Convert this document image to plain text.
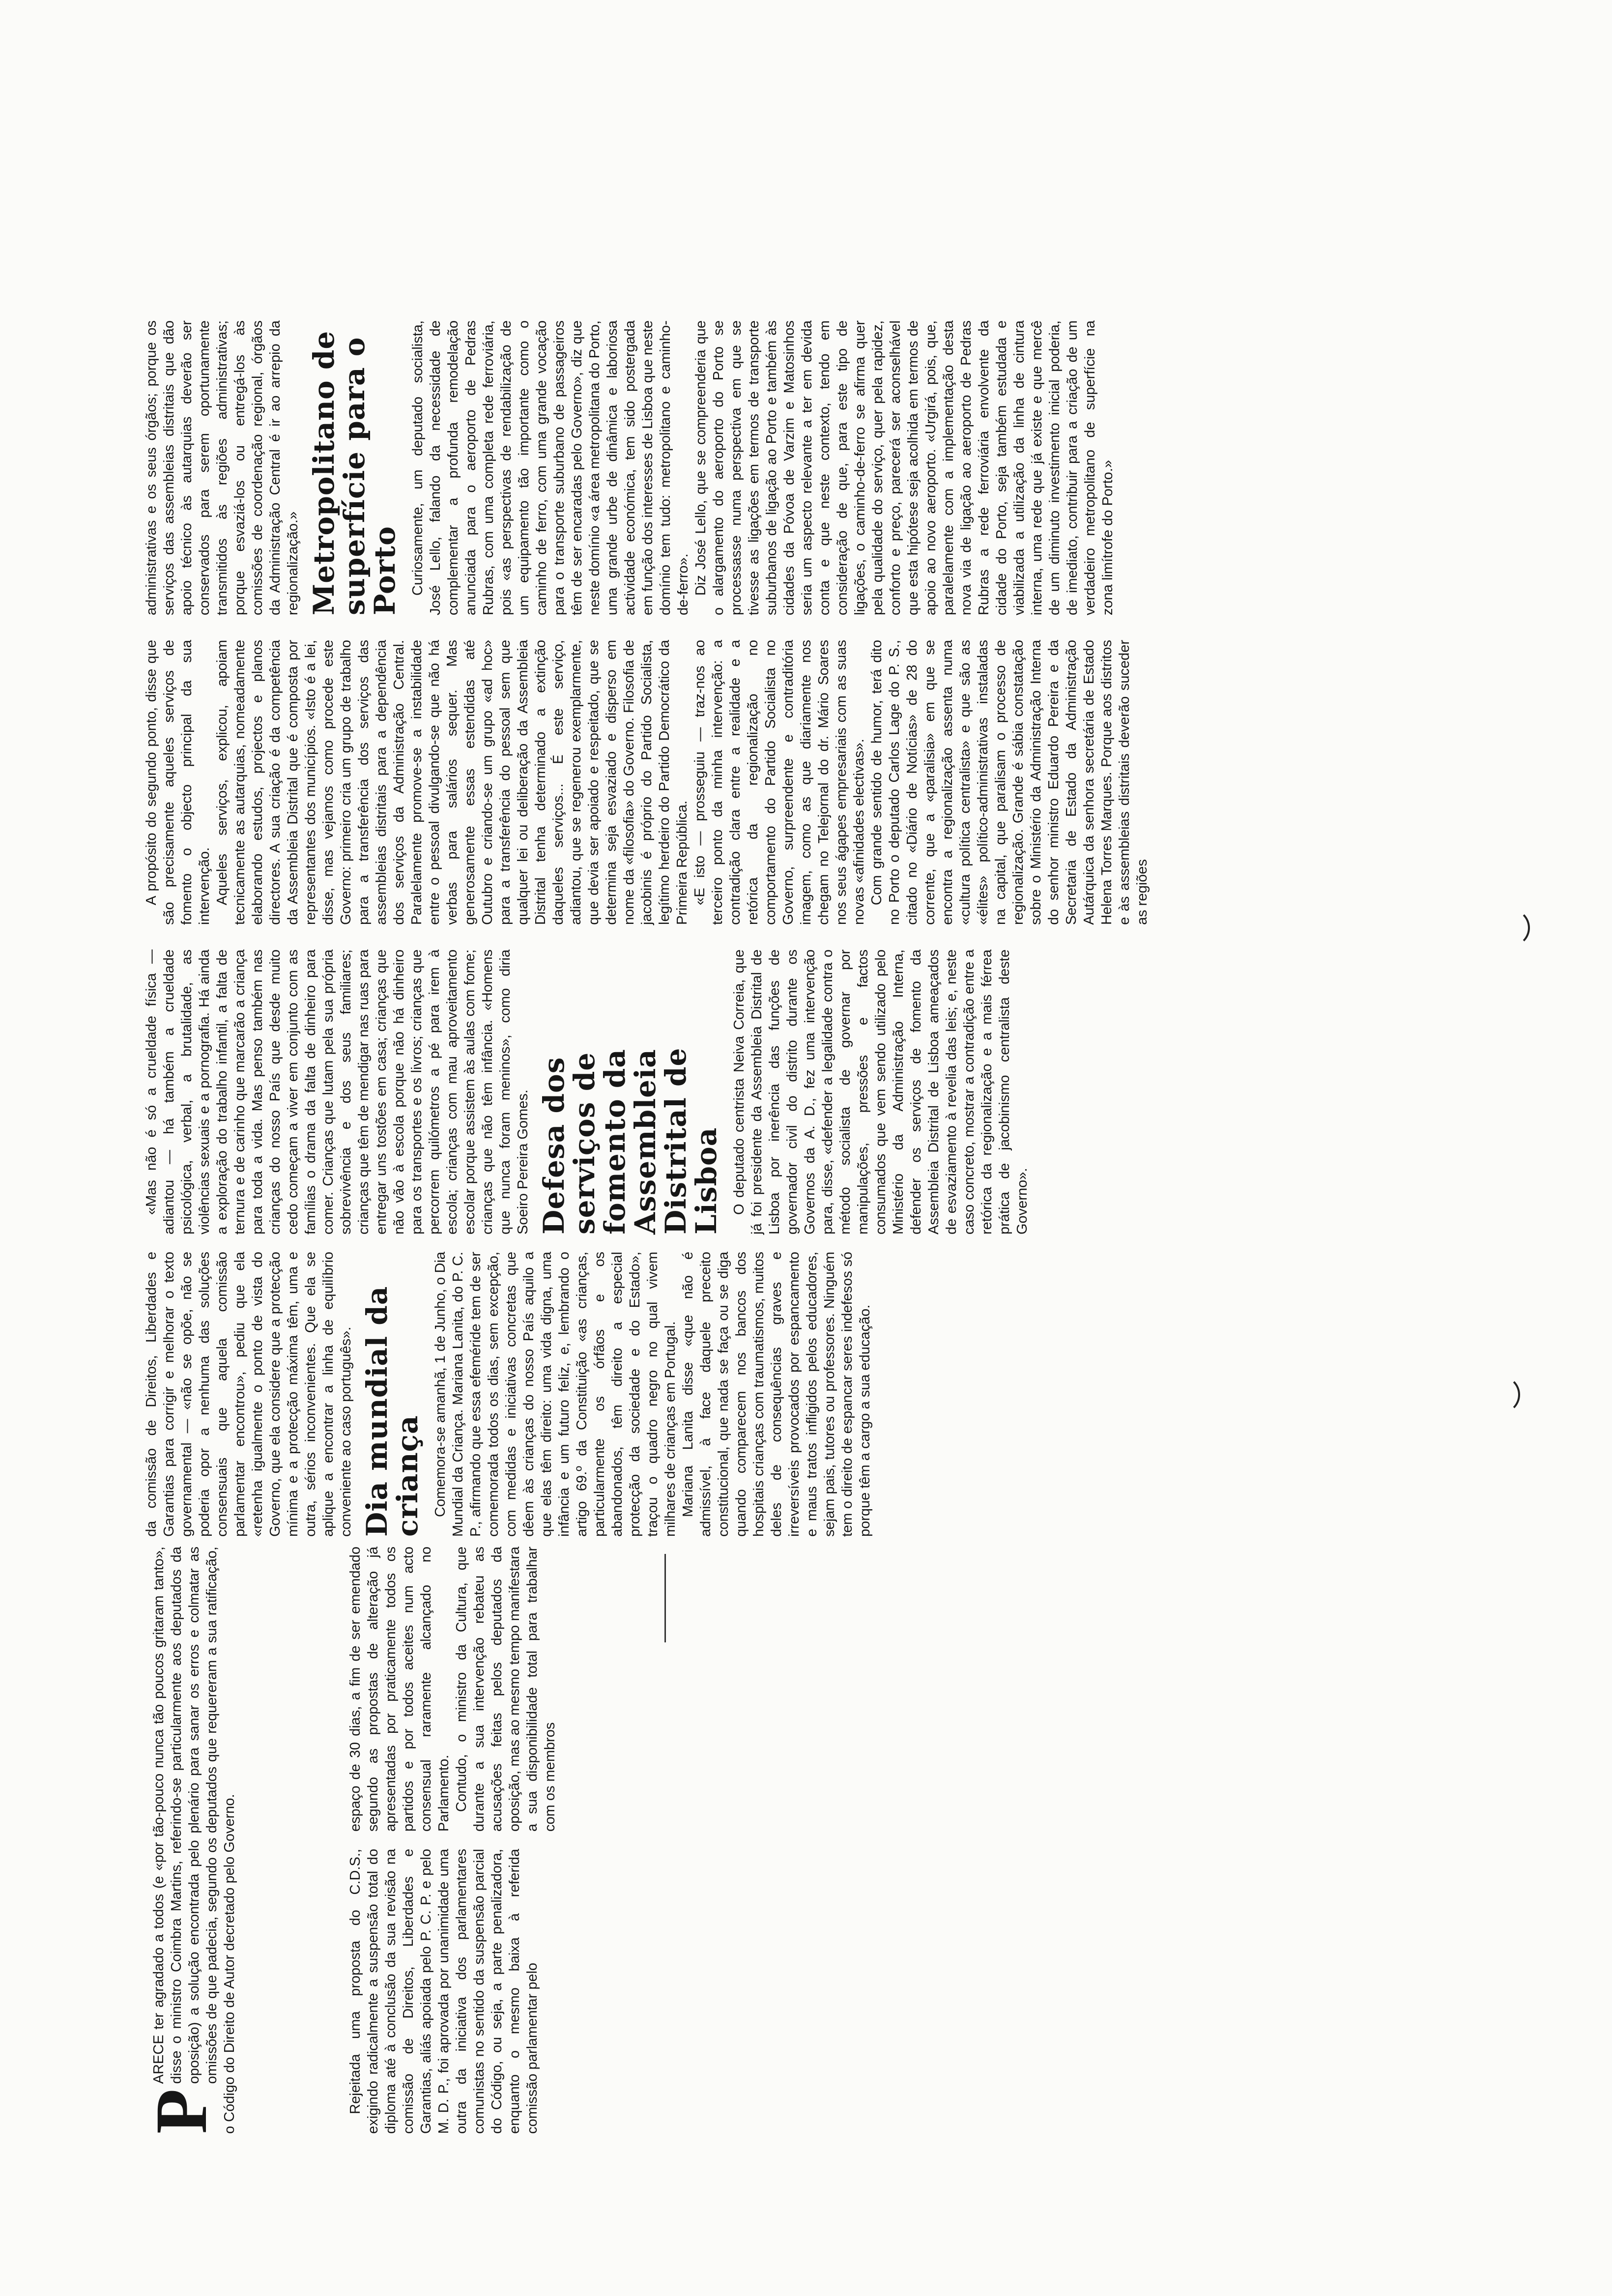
P

ARECE ter agradado a todos (e «por tão-pouco nunca tão poucos gritaram tanto», disse o ministro Coimbra Martins, referindo-se particularmente aos deputados da oposição) a solução encontrada pelo plenário para sanar os erros e colmatar as omissões de que padecia, segundo os deputados que requereram a sua ratificação, o Código do Direito de Autor decretado pelo Governo.	Rejeitada uma proposta do C.D.S., exigindo radicalmente a suspensão total do diploma até à conclusão da sua revisão na comissão de Direitos, Liberdades e Garantias, aliás apoiada pelo P. C. P. e pelo M. D. P., foi aprovada por unanimidade uma outra da iniciativa dos parlamentares comunistas no sentido da suspensão parcial do Código, ou seja, a parte penalizadora, enquanto o mesmo baixa à referida comissão parlamentar pelo

espaço de 30 dias, a fim de ser emendado segundo as propostas de alteração já apresentadas por praticamente todos os partidos e por todos aceites num acto consensual raramente alcançado no Parlamento. Contudo, o ministro da Cultura, que durante a sua intervenção rebateu as acusações feitas pelos deputados da oposição, mas ao mesmo tempo manifestara a sua disponibilidade total para trabalhar com os membros

da comissão de Direitos, Liberdades e Garantias para corrigir e melhorar o texto governamental — «não se opõe, não se poderia opor a nenhuma das soluções consensuais que aquela comissão parlamentar encontrou», pediu que ela «retenha igualmente o ponto de vista do Governo, que ela considere que a protecção mínima e a protecção máxima têm, uma e outra, sérios inconvenientes. Que ela se aplique a encontrar a linha de equilíbrio conveniente ao caso português». Dia mundial da criança Comemora-se amanhã, 1 de Junho, o Dia Mundial da Criança. Mariana Lanita, do P. C. P., afirmando que essa efeméride tem de ser comemorada todos os dias, sem excepção, com medidas e iniciativas concretas que dêem às crianças do nosso País aquilo a que elas têm direito: uma vida digna, uma infância e um futuro feliz, e, lembrando o artigo 69.º da Constituição «as crianças, particularmente os órfãos e os abandonados, têm direito a especial protecção da sociedade e do Estado», traçou o quadro negro no qual vivem milhares de crianças em Portugal. Mariana Lanita disse «que não é admissível, à face daquele preceito constitucional, que nada se faça ou se diga quando comparecem nos bancos dos hospitais crianças com traumatismos, muitos deles de consequências graves e irreversíveis provocados por espancamento e maus tratos infligidos pelos educadores, sejam pais, tutores ou professores. Ninguém tem o direito de espancar seres indefesos só porque têm a cargo a sua educação.

«Mas não é só a crueldade física — adiantou — há também a crueldade psicológica, verbal, a brutalidade, as violências sexuais e a pornografia. Há ainda a exploração do trabalho infantil, a falta de ternura e de carinho que marcarão a criança para toda a vida. Mas penso também nas crianças do nosso País que desde muito cedo começam a viver em conjunto com as famílias o drama da falta de dinheiro para comer. Crianças que lutam pela sua própria sobrevivência e dos seus familiares; crianças que têm de mendigar nas ruas para entregar uns tostões em casa; crianças que não vão à escola porque não há dinheiro para os transportes e os livros; crianças que percorrem quilómetros a pé para irem à escola; crianças com mau aproveitamento escolar porque assistem às aulas com fome; crianças que não têm infância. «Homens que nunca foram meninos», como diria Soeiro Pereira Gomes. Defesa dos serviços de fomento da Assembleia Distrital de Lisboa O deputado centrista Neiva Correia, que já foi presidente da Assembleia Distrital de Lisboa por inerência das funções de governador civil do distrito durante os Governos da A. D., fez uma intervenção para, disse, «defender a legalidade contra o método socialista de governar por manipulações, pressões e factos consumados que vem sendo utilizado pelo Ministério da Administração Interna, defender os serviços de fomento da Assembleia Distrital de Lisboa ameaçados de esvaziamento à revelia das leis; e, neste caso concreto, mostrar a contradição entre a retórica da regionalização e a mais férrea prática de jacobinismo centralista deste Governo».

A propósito do segundo ponto, disse que são precisamente aqueles serviços de fomento o objecto principal da sua intervenção. Aqueles serviços, explicou, apoiam tecnicamente as autarquias, nomeadamente elaborando estudos, projectos e planos directores. A sua criação é da competência da Assembleia Distrital que é composta por representantes dos municípios. «Isto é a lei, disse, mas vejamos como procede este Governo: primeiro cria um grupo de trabalho para a transferência dos serviços das assembleias distritais para a dependência dos serviços da Administração Central. Paralelamente promove-se a instabilidade entre o pessoal divulgando-se que não há verbas para salários sequer. Mas generosamente essas estendidas até Outubro e criando-se um grupo «ad hoc» para a transferência do pessoal sem que qualquer lei ou deliberação da Assembleia Distrital tenha determinado a extinção daqueles serviços... É este serviço, adiantou, que se regenerou exemplarmente, que devia ser apoiado e respeitado, que se determina seja esvaziado e disperso em nome da «filosofia» do Governo. Filosofia de jacobinis é próprio do Partido Socialista, legítimo herdeiro do Partido Democrático da Primeira República. «E isto — prosseguiu — traz-nos ao terceiro ponto da minha intervenção: a contradição clara entre a realidade e a retórica da regionalização no comportamento do Partido Socialista no Governo, surpreendente e contraditória imagem, como as que diariamente nos chegam no Telejornal do dr. Mário Soares nos seus ágapes empresariais com as suas novas «afinidades electivas». Com grande sentido de humor, terá dito no Porto o deputado Carlos Lage do P. S., citado no «Diário de Notícias» de 28 do corrente, que a «paralisia» em que se encontra a regionalização assenta numa «cultura política centralista» e que são as «élites» político-administrativas instaladas na capital, que paralisam o processo de regionalização. Grande é sábia constatação sobre o Ministério da Administração Interna do senhor ministro Eduardo Pereira e da Secretaria de Estado da Administração Autárquica da senhora secretária de Estado Helena Torres Marques. Porque aos distritos e às assembleias distritais deverão suceder as regiões

administrativas e os seus órgãos; porque os serviços das assembleias distritais que dão apoio técnico às autarquias deverão ser conservados para serem oportunamente transmitidos às regiões administrativas; porque esvaziá-los ou entregá-los às comissões de coordenação regional, órgãos da Administração Central é ir ao arrepio da regionalização.» Metropolitano de superfície para o Porto Curiosamente, um deputado socialista, José Lello, falando da necessidade de complementar a profunda remodelação anunciada para o aeroporto de Pedras Rubras, com uma completa rede ferroviária, pois «as perspectivas de rendabilização de um equipamento tão importante como o caminho de ferro, com uma grande vocação para o transporte suburbano de passageiros têm de ser encaradas pelo Governo», diz que neste domínio «a área metropolitana do Porto, uma grande urbe de dinâmica e laboriosa actividade económica, tem sido postergada em função dos interesses de Lisboa que neste domínio tem tudo: metropolitano e caminho-de-ferro». Diz José Lello, que se compreenderia que o alargamento do aeroporto do Porto se processasse numa perspectiva em que se tivesse as ligações em termos de transporte suburbanos de ligação ao Porto e também às cidades da Póvoa de Varzim e Matosinhos seria um aspecto relevante a ter em devida conta e que neste contexto, tendo em consideração de que, para este tipo de ligações, o caminho-de-ferro se afirma quer pela qualidade do serviço, quer pela rapidez, conforto e preço, parecerá ser aconselhável que esta hipótese seja acolhida em termos de apoio ao novo aeroporto. «Urgirá, pois, que, paralelamente com a implementação desta nova via de ligação ao aeroporto de Pedras Rubras a rede ferroviária envolvente da cidade do Porto, seja também estudada e viabilizada a utilização da linha de cintura interna, uma rede que já existe e que mercê de um diminuto investimento inicial poderia, de imediato, contribuir para a criação de um verdadeiro metropolitano de superfície na zona limítrofe do Porto.»
